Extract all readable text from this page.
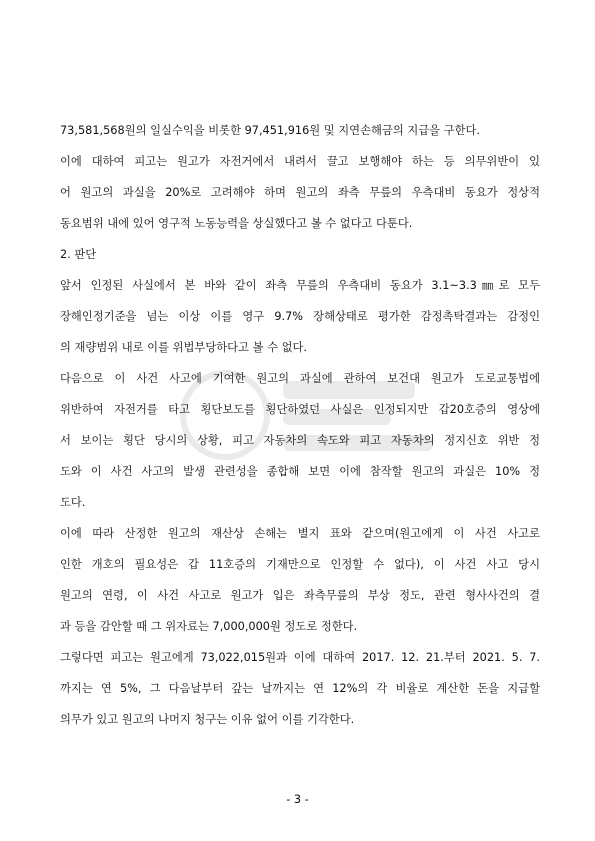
73,581,568원의 일실수익을 비롯한 97,451,916원 및 지연손해금의 지급을 구한다.
이에 대하여 피고는 원고가 자전거에서 내려서 끌고 보행해야 하는 등 의무위반이 있
어 원고의 과실을 20%로 고려해야 하며 원고의 좌측 무릎의 우측대비 동요가 정상적
동요범위 내에 있어 영구적 노동능력을 상실했다고 볼 수 없다고 다툰다.
2. 판단
앞서 인정된 사실에서 본 바와 같이 좌측 무릎의 우측대비 동요가 3.1~3.3㎜로 모두
장해인정기준을 넘는 이상 이를 영구 9.7% 장해상태로 평가한 감정촉탁결과는 감정인
의 재량범위 내로 이를 위법부당하다고 볼 수 없다.
다음으로 이 사건 사고에 기여한 원고의 과실에 관하여 보건대 원고가 도로교통법에
위반하여 자전거를 타고 횡단보도를 횡단하였던 사실은 인정되지만 갑20호증의 영상에
서 보이는 횡단 당시의 상황, 피고 자동차의 속도와 피고 자동차의 정지신호 위반 정
도와 이 사건 사고의 발생 관련성을 종합해 보면 이에 참작할 원고의 과실은 10% 정
도다.
이에 따라 산정한 원고의 재산상 손해는 별지 표와 같으며(원고에게 이 사건 사고로
인한 개호의 필요성은 갑 11호증의 기재만으로 인정할 수 없다), 이 사건 사고 당시
원고의 연령, 이 사건 사고로 원고가 입은 좌측무릎의 부상 정도, 관련 형사사건의 결
과 등을 감안할 때 그 위자료는 7,000,000원 정도로 정한다.
그렇다면 피고는 원고에게 73,022,015원과 이에 대하여 2017. 12. 21.부터 2021. 5. 7.
까지는 연 5%, 그 다음날부터 갚는 날까지는 연 12%의 각 비율로 계산한 돈을 지급할
의무가 있고 원고의 나머지 청구는 이유 없어 이를 기각한다.
- 3 -
